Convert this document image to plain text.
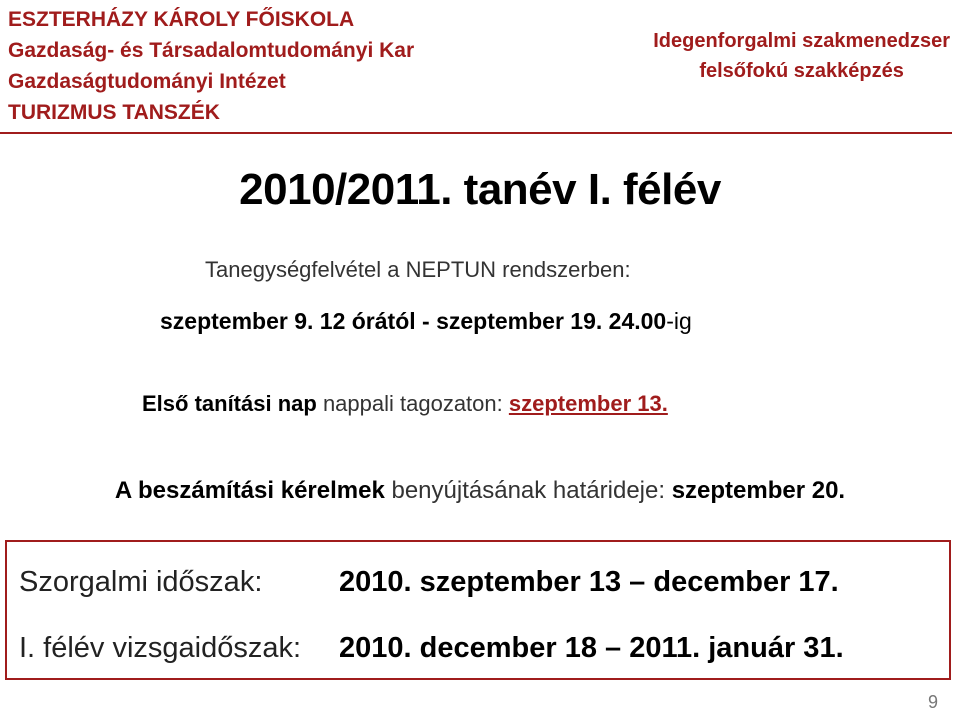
ESZTERHÁZY KÁROLY FŐISKOLA
Gazdaság- és Társadalomtudományi Kar
Gazdaságtudományi Intézet
TURIZMUS TANSZÉK
Idegenforgalmi szakmenedzser
felsőfokú szakképzés
2010/2011. tanév I. félév
Tanegységfelvétel a NEPTUN rendszerben:
szeptember 9. 12 órától - szeptember 19. 24.00-ig
Első tanítási nap nappali tagozaton: szeptember 13.
A beszámítási kérelmek benyújtásának határideje: szeptember 20.
Szorgalmi időszak:	2010. szeptember 13 – december 17.
I. félév vizsgaidőszak: 2010. december 18 – 2011. január 31.
9
